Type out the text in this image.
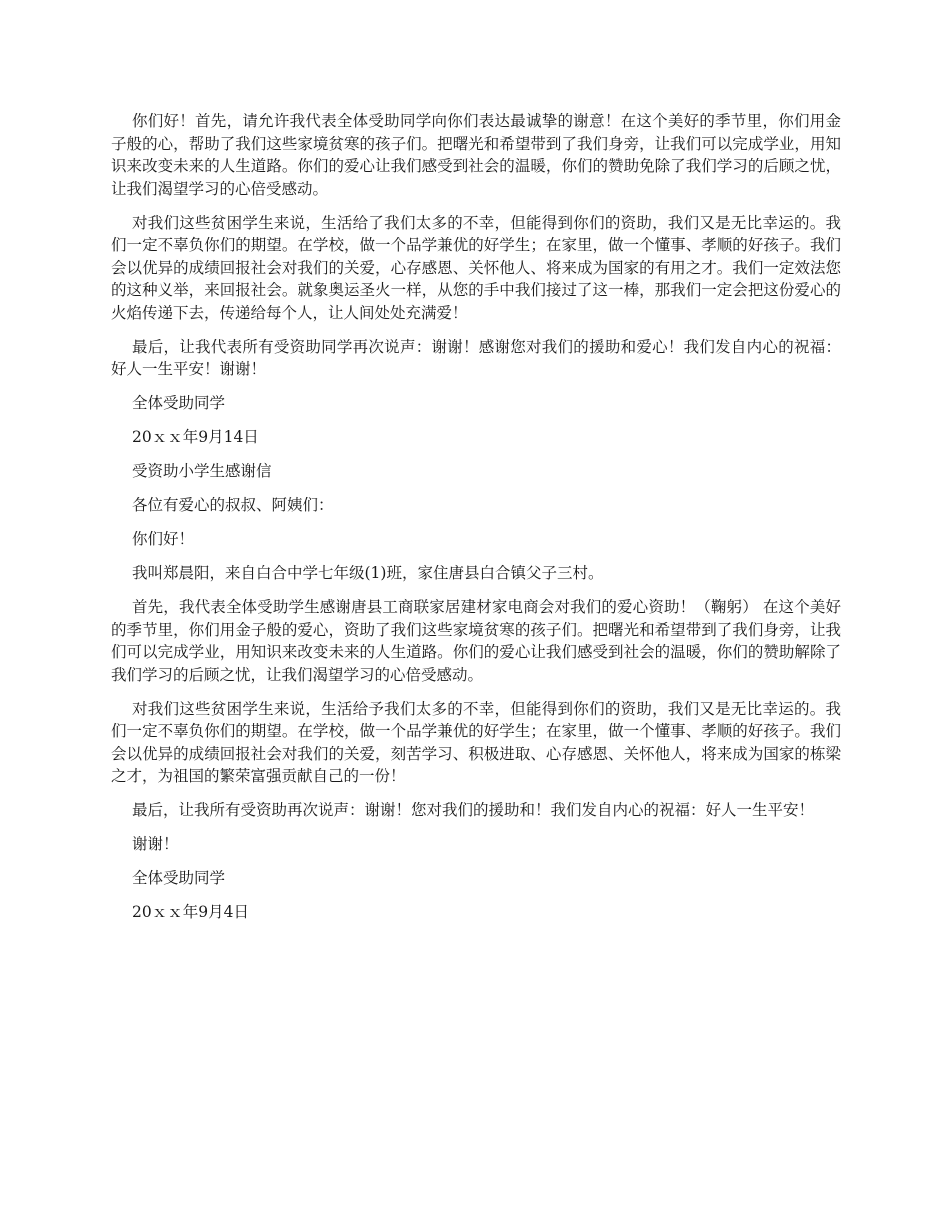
你们好！首先，请允许我代表全体受助同学向你们表达最诚挚的谢意！在这个美好的季节里，你们用金子般的心，帮助了我们这些家境贫寒的孩子们。把曙光和希望带到了我们身旁，让我们可以完成学业，用知识来改变未来的人生道路。你们的爱心让我们感受到社会的温暖，你们的赞助免除了我们学习的后顾之忧，让我们渴望学习的心倍受感动。

对我们这些贫困学生来说，生活给了我们太多的不幸，但能得到你们的资助，我们又是无比幸运的。我们一定不辜负你们的期望。在学校，做一个品学兼优的好学生；在家里，做一个懂事、孝顺的好孩子。我们会以优异的成绩回报社会对我们的关爱，心存感恩、关怀他人、将来成为国家的有用之才。我们一定效法您的这种义举，来回报社会。就象奥运圣火一样，从您的手中我们接过了这一棒，那我们一定会把这份爱心的火焰传递下去，传递给每个人，让人间处处充满爱！

最后，让我代表所有受资助同学再次说声：谢谢！感谢您对我们的援助和爱心！我们发自内心的祝福：好人一生平安！谢谢！

全体受助同学

20ｘｘ年9月14日

受资助小学生感谢信

各位有爱心的叔叔、阿姨们：

你们好！

我叫郑晨阳，来自白合中学七年级(1)班，家住唐县白合镇父子三村。

首先，我代表全体受助学生感谢唐县工商联家居建材家电商会对我们的爱心资助！（鞠躬） 在这个美好的季节里，你们用金子般的爱心，资助了我们这些家境贫寒的孩子们。把曙光和希望带到了我们身旁，让我们可以完成学业，用知识来改变未来的人生道路。你们的爱心让我们感受到社会的温暖，你们的赞助解除了我们学习的后顾之忧，让我们渴望学习的心倍受感动。

对我们这些贫困学生来说，生活给予我们太多的不幸，但能得到你们的资助，我们又是无比幸运的。我们一定不辜负你们的期望。在学校，做一个品学兼优的好学生；在家里，做一个懂事、孝顺的好孩子。我们会以优异的成绩回报社会对我们的关爱，刻苦学习、积极进取、心存感恩、关怀他人，将来成为国家的栋梁之才，为祖国的繁荣富强贡献自己的一份！

最后，让我所有受资助再次说声：谢谢！您对我们的援助和！我们发自内心的祝福：好人一生平安！

谢谢！

全体受助同学

20ｘｘ年9月4日
